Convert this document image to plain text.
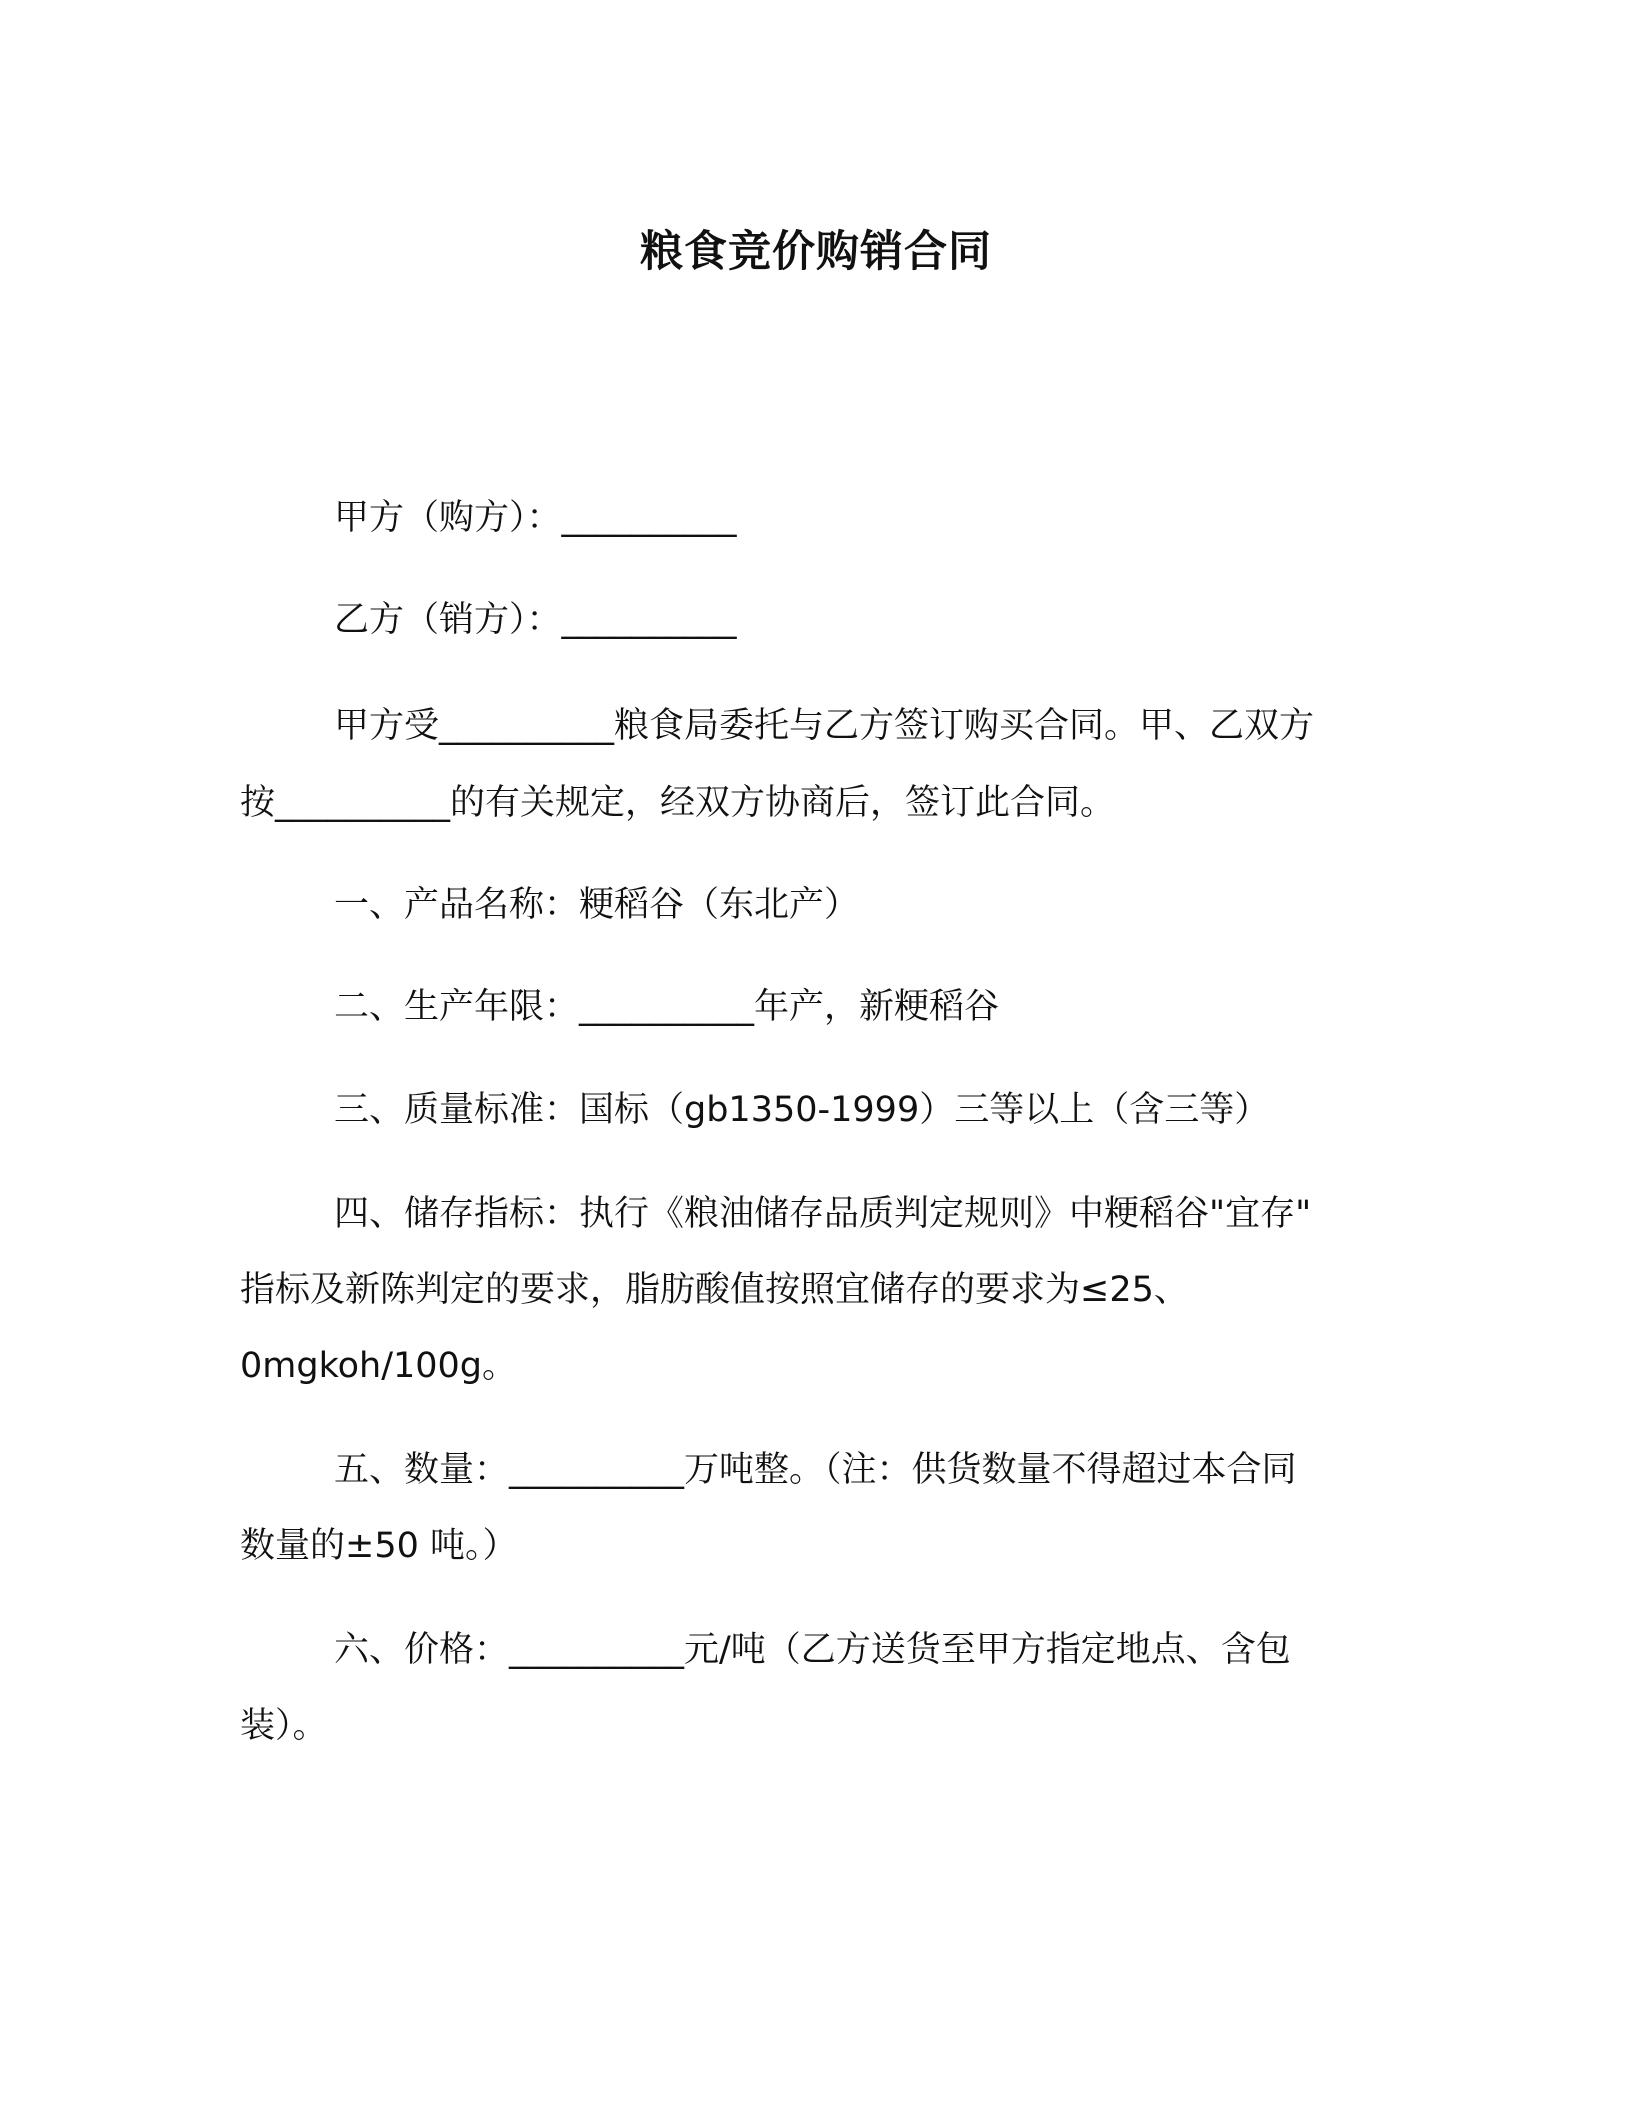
粮食竞价购销合同
甲方（购方）：__________
乙方（销方）：__________
甲方受__________粮食局委托与乙方签订购买合同。甲、乙双方
按__________的有关规定，经双方协商后，签订此合同。
一、产品名称：粳稻谷（东北产）
二、生产年限：__________年产，新粳稻谷
三、质量标准：国标（gb1350-1999）三等以上（含三等）
四、储存指标：执行《粮油储存品质判定规则》中粳稻谷"宜存"
指标及新陈判定的要求，脂肪酸值按照宜储存的要求为≤25、
0mgkoh/100g。
五、数量：__________万吨整。（注：供货数量不得超过本合同
数量的±50 吨。）
六、价格：__________元/吨（乙方送货至甲方指定地点、含包
装）。
